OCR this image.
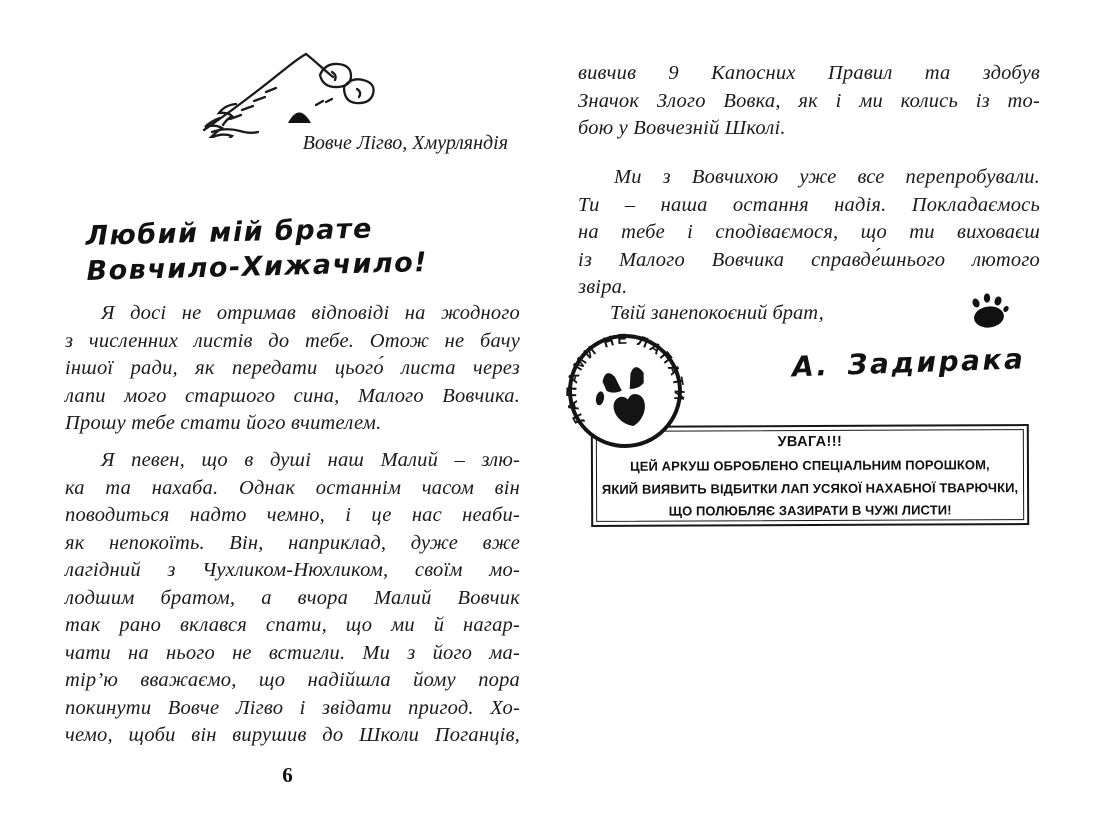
Вовче Лігво, Хмурляндія
Любий мій брате
Вовчило-Хижачило!
Я досі не отримав відповіді на жодного
з численних листів до тебе. Отож не бачу
іншої ради, як передати цього́ листа через
лапи мого старшого сина, Малого Вовчика.
Прошу тебе стати його вчителем.
Я певен, що в душі наш Малий – злю-
ка та нахаба. Однак останнім часом він
поводиться надто чемно, і це нас неаби-
як непокоїть. Він, наприклад, дуже вже
лагідний з Чухликом-Нюхликом, своїм мо-
лодшим братом, а вчора Малий Вовчик
так рано вклався спати, що ми й нагар-
чати на нього не встигли. Ми з його ма-
тір’ю вважаємо, що надійшла йому пора
покинути Вовче Лігво і звідати пригод. Хо-
чемо, щоби він вирушив до Школи Поганців,
6
вивчив 9 Капосних Правил та здобув
Значок Злого Вовка, як і ми колись із то-
бою у Вовчезній Школі.
Ми з Вовчихою уже все перепробували.
Ти – наша остання надія. Покладаємось
на тебе і сподіваємося, що ти виховаєш
із Малого Вовчика справде́шнього лютого
звіра.
Твій занепокоєний брат,
А. Задирака
ЛАПАМИ НЕ ЛАПАТИ
УВАГА!!!
ЦЕЙ АРКУШ ОБРОБЛЕНО СПЕЦІАЛЬНИМ ПОРОШКОМ,
ЯКИЙ ВИЯВИТЬ ВІДБИТКИ ЛАП УСЯКОЇ НАХАБНОЇ ТВАРЮЧКИ,
ЩО ПОЛЮБЛЯЄ ЗАЗИРАТИ В ЧУЖІ ЛИСТИ!
